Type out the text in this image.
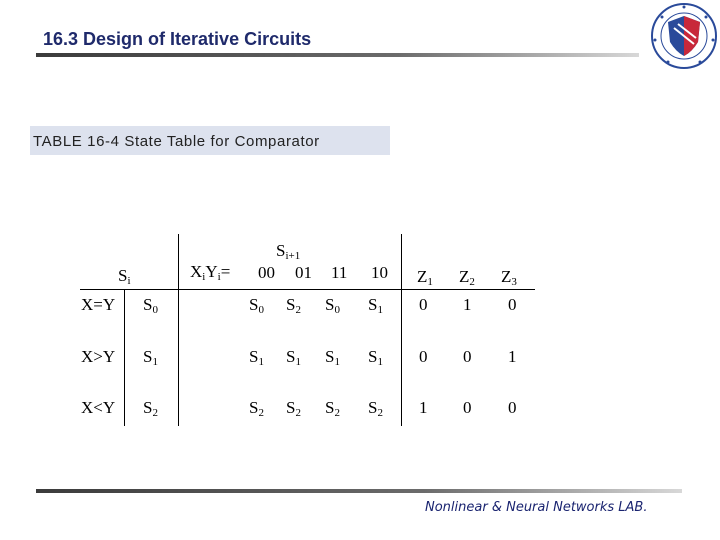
16.3 Design of Iterative Circuits
TABLE 16-4 State Table for Comparator
$S_i$	$X_iY_i=$
$S_{i+1}$
00 01 11 10 $Z_1$ $Z_2$ $Z_3$
X=Y $S_0$	$S_0$ $S_2$ $S_0$ $S_1$ 0 1 0
X>Y $S_1$	$S_1$ $S_1$ $S_1$ $S_1$ 0 0 1
X<Y $S_2$	$S_2$ $S_2$ $S_2$ $S_2$ 1 0 0
Nonlinear & Neural Networks LAB.
